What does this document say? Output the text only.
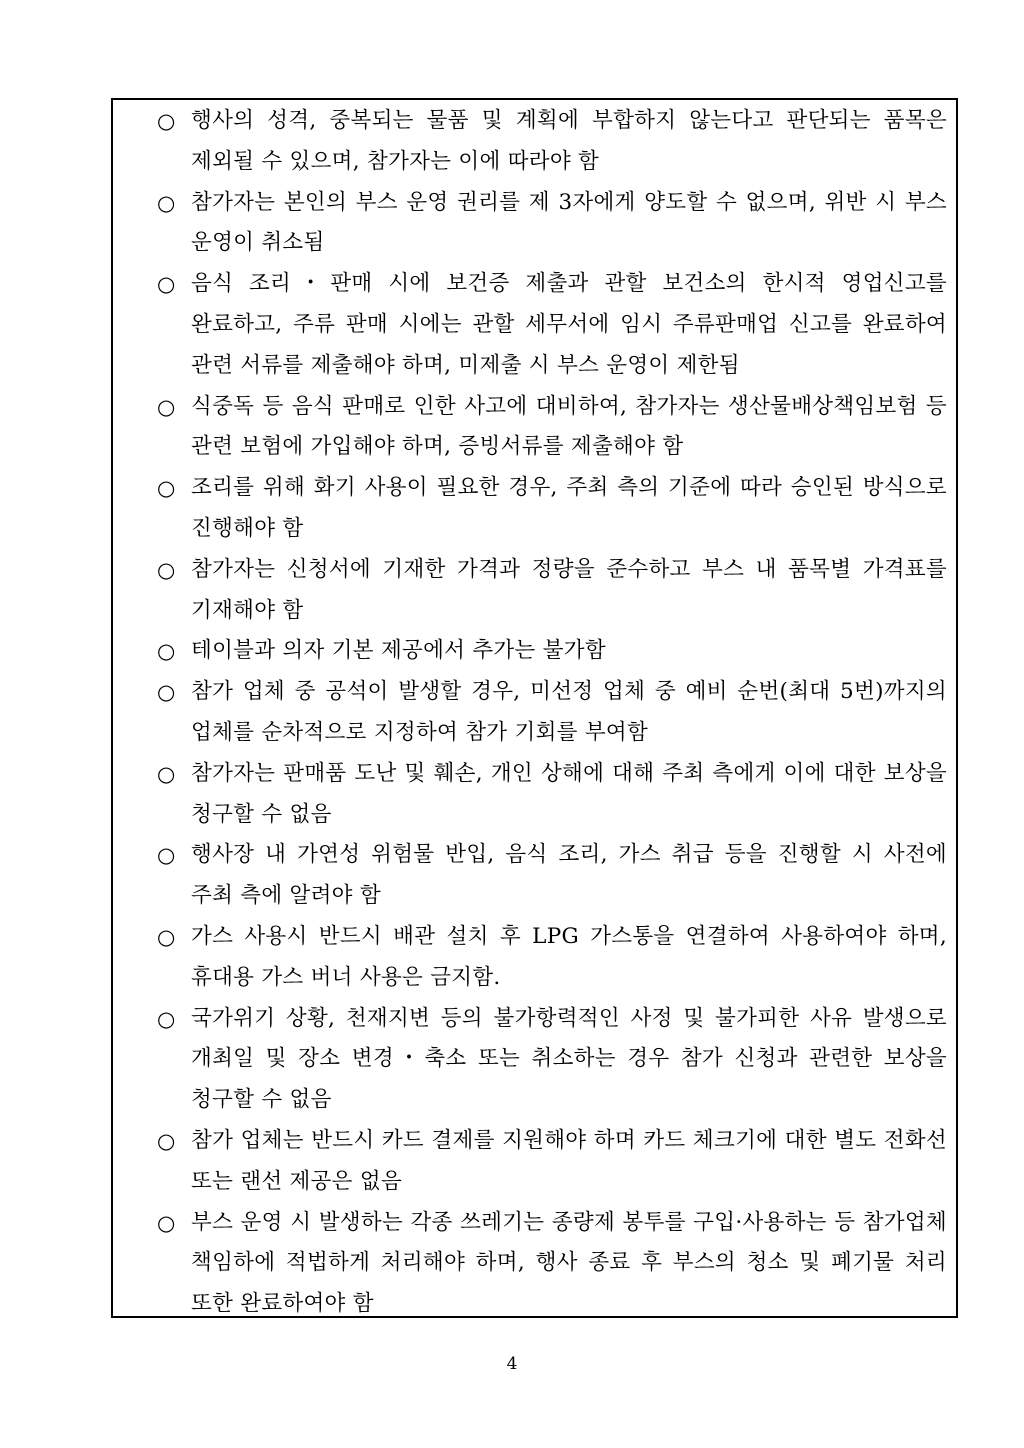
○ 행사의 성격, 중복되는 물품 및 계획에 부합하지 않는다고 판단되는 품목은 제외될 수 있으며, 참가자는 이에 따라야 함
○ 참가자는 본인의 부스 운영 권리를 제 3자에게 양도할 수 없으며, 위반 시 부스 운영이 취소됨
○ 음식 조리・판매 시에 보건증 제출과 관할 보건소의 한시적 영업신고를 완료하고, 주류 판매 시에는 관할 세무서에 임시 주류판매업 신고를 완료하여 관련 서류를 제출해야 하며, 미제출 시 부스 운영이 제한됨
○ 식중독 등 음식 판매로 인한 사고에 대비하여, 참가자는 생산물배상책임보험 등 관련 보험에 가입해야 하며, 증빙서류를 제출해야 함
○ 조리를 위해 화기 사용이 필요한 경우, 주최 측의 기준에 따라 승인된 방식으로 진행해야 함
○ 참가자는 신청서에 기재한 가격과 정량을 준수하고 부스 내 품목별 가격표를 기재해야 함
○ 테이블과 의자 기본 제공에서 추가는 불가함
○ 참가 업체 중 공석이 발생할 경우, 미선정 업체 중 예비 순번(최대 5번)까지의 업체를 순차적으로 지정하여 참가 기회를 부여함
○ 참가자는 판매품 도난 및 훼손, 개인 상해에 대해 주최 측에게 이에 대한 보상을 청구할 수 없음
○ 행사장 내 가연성 위험물 반입, 음식 조리, 가스 취급 등을 진행할 시 사전에 주최 측에 알려야 함
○ 가스 사용시 반드시 배관 설치 후 LPG 가스통을 연결하여 사용하여야 하며, 휴대용 가스 버너 사용은 금지함.
○ 국가위기 상황, 천재지변 등의 불가항력적인 사정 및 불가피한 사유 발생으로 개최일 및 장소 변경・축소 또는 취소하는 경우 참가 신청과 관련한 보상을 청구할 수 없음
○ 참가 업체는 반드시 카드 결제를 지원해야 하며 카드 체크기에 대한 별도 전화선 또는 랜선 제공은 없음
○ 부스 운영 시 발생하는 각종 쓰레기는 종량제 봉투를 구입·사용하는 등 참가업체 책임하에 적법하게 처리해야 하며, 행사 종료 후 부스의 청소 및 폐기물 처리 또한 완료하여야 함
4
